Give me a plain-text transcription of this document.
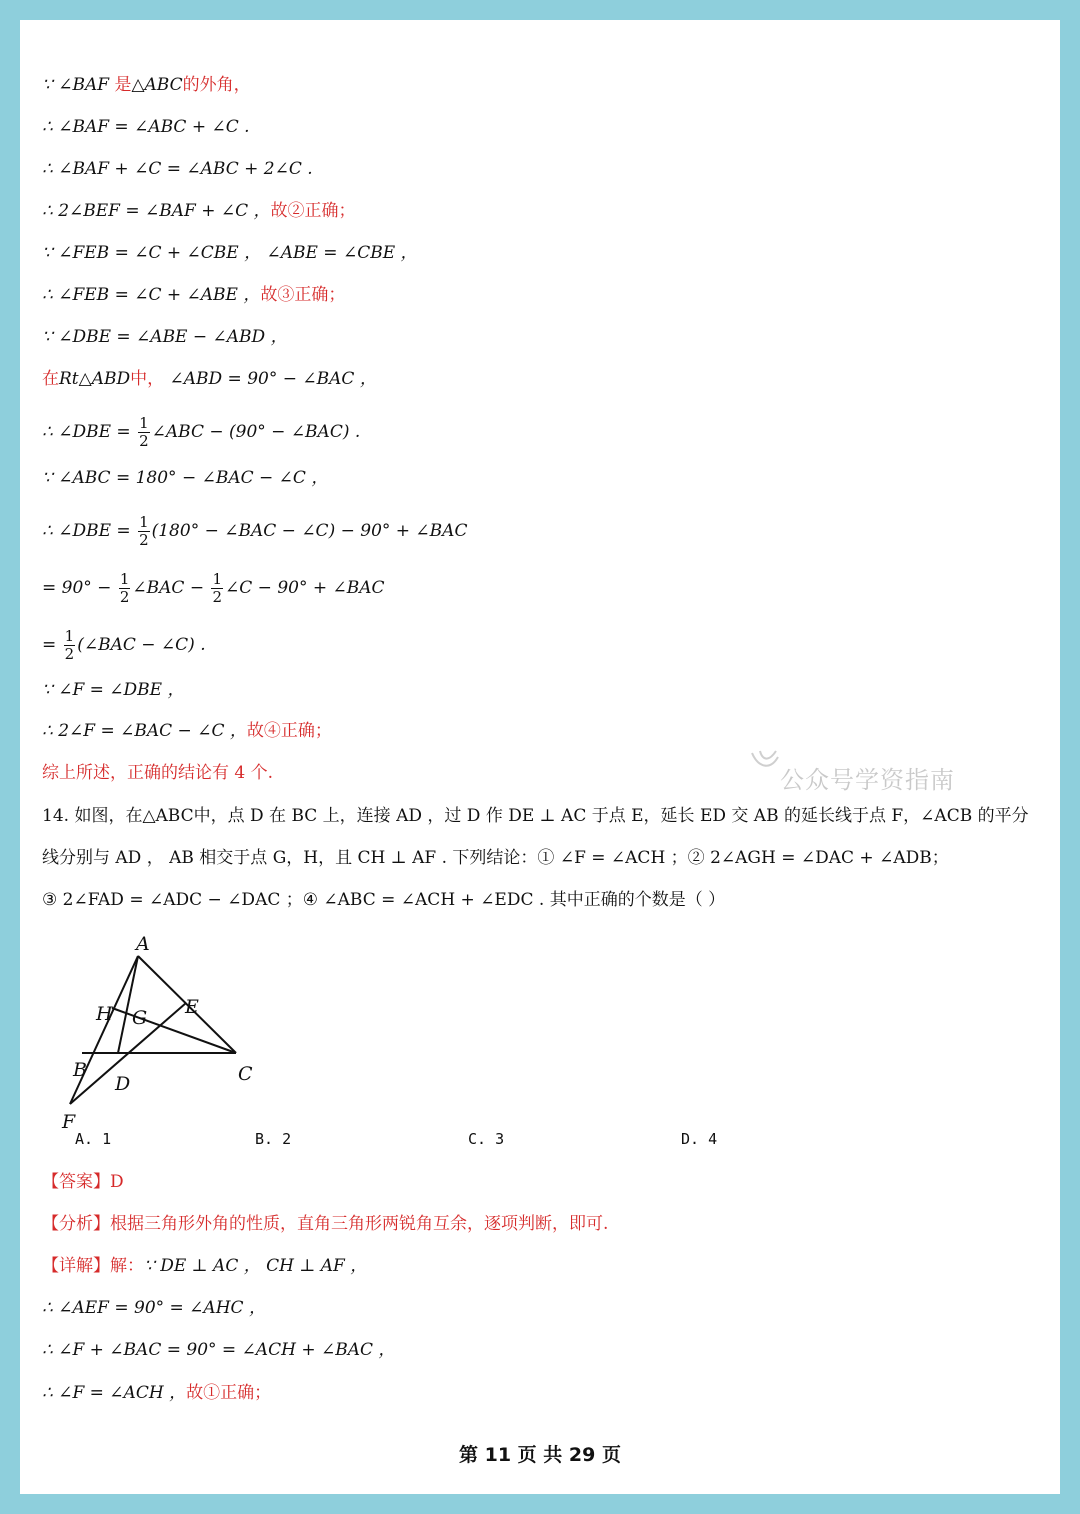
∵ ∠BAF 是△ABC的外角，
∴ ∠BAF = ∠ABC + ∠C .
∴ ∠BAF + ∠C = ∠ABC + 2∠C .
∴ 2∠BEF = ∠BAF + ∠C ，故②正确；
∵ ∠FEB = ∠C + ∠CBE ， ∠ABE = ∠CBE ，
∴ ∠FEB = ∠C + ∠ABE ，故③正确；
∵ ∠DBE = ∠ABE − ∠ABD ，
在Rt△ABD中， ∠ABD = 90° − ∠BAC ，
∴ ∠DBE = $\frac{1}{2}$ ∠ABC − (90° − ∠BAC) .
∵ ∠ABC = 180° − ∠BAC − ∠C ，
∴ ∠DBE = $\frac{1}{2} (180^\circ$ − ∠BAC − ∠C) − 90° + ∠BAC
= $90^\circ - \frac{1}{2}$ ∠BAC − $\frac{1}{2}$ ∠C − 90° + ∠BAC
= $\frac{1}{2}$ (∠BAC − ∠C) .
∵ ∠F = ∠DBE ，
∴ 2∠F = ∠BAC − ∠C ，故④正确；
综上所述，正确的结论有 4 个.
14. 如图，在△ABC中，点 D 在 BC 上，连接 AD ，过 D 作 DE ⊥ AC 于点 E，延长 ED 交 AB 的延长线于点 F，∠ACB 的平分
线分别与 AD ， AB 相交于点 G，H，且 CH ⊥ AF . 下列结论：① ∠F = ∠ACH ；② 2∠AGH = ∠DAC + ∠ADB；
③ 2∠FAD = ∠ADC − ∠DAC ；④ ∠ABC = ∠ACH + ∠EDC . 其中正确的个数是（ ）
【答案】D
【分析】根据三角形外角的性质，直角三角形两锐角互余，逐项判断，即可.
【详解】解：∵ DE ⊥ AC ， CH ⊥ AF ，
∴ ∠AEF = 90° = ∠AHC ，
∴ ∠F + ∠BAC = 90° = ∠ACH + ∠BAC ，
∴ ∠F = ∠ACH ，故①正确；
A
H G E
B
D	C
F
A. 1	B. 2	C. 3	D. 4
公众号学资指南
第 11 页 共 29 页
